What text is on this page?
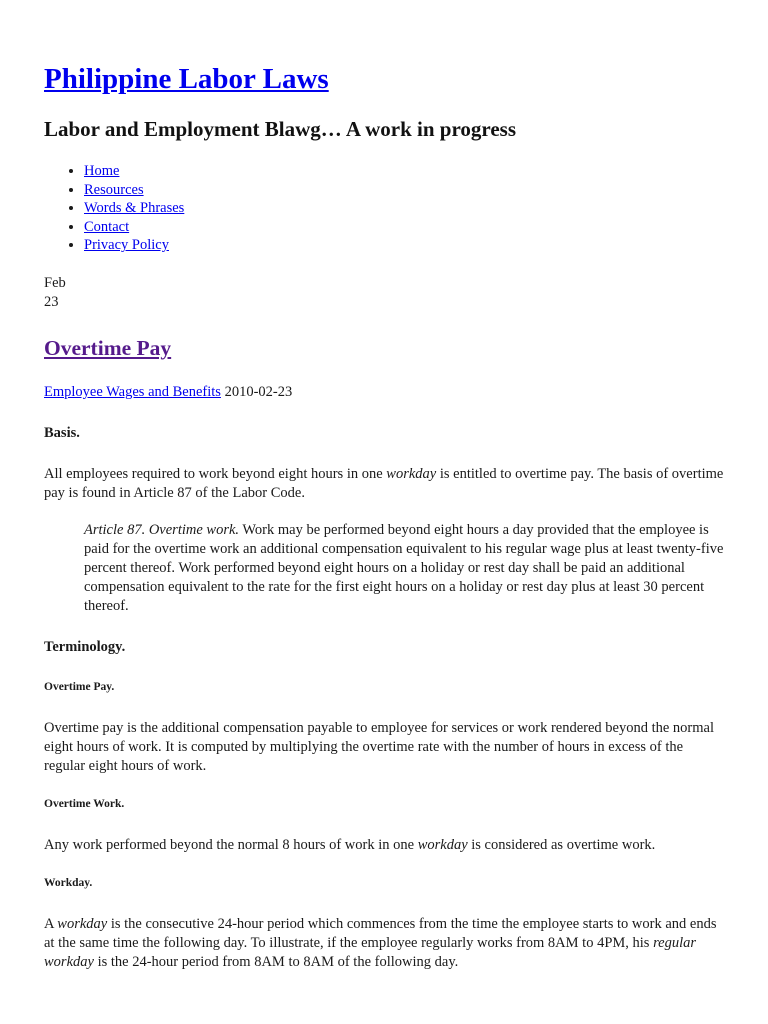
Philippine Labor Laws
Labor and Employment Blawg… A work in progress
• Home
• Resources
• Words & Phrases
• Contact
• Privacy Policy
Feb
23
Overtime Pay
Employee Wages and Benefits 2010-02-23

Basis.

All employees required to work beyond eight hours in one workday is entitled to overtime pay. The basis of overtime pay is found in Article 87 of the Labor Code.

Article 87. Overtime work. Work may be performed beyond eight hours a day provided that the employee is paid for the overtime work an additional compensation equivalent to his regular wage plus at least twenty-five percent thereof. Work performed beyond eight hours on a holiday or rest day shall be paid an additional compensation equivalent to the rate for the first eight hours on a holiday or rest day plus at least 30 percent thereof.

Terminology.

Overtime Pay.

Overtime pay is the additional compensation payable to employee for services or work rendered beyond the normal eight hours of work. It is computed by multiplying the overtime rate with the number of hours in excess of the regular eight hours of work.

Overtime Work.

Any work performed beyond the normal 8 hours of work in one workday is considered as overtime work.

Workday.

A workday is the consecutive 24-hour period which commences from the time the employee starts to work and ends at the same time the following day. To illustrate, if the employee regularly works from 8AM to 4PM, his regular workday is the 24-hour period from 8AM to 8AM of the following day.
